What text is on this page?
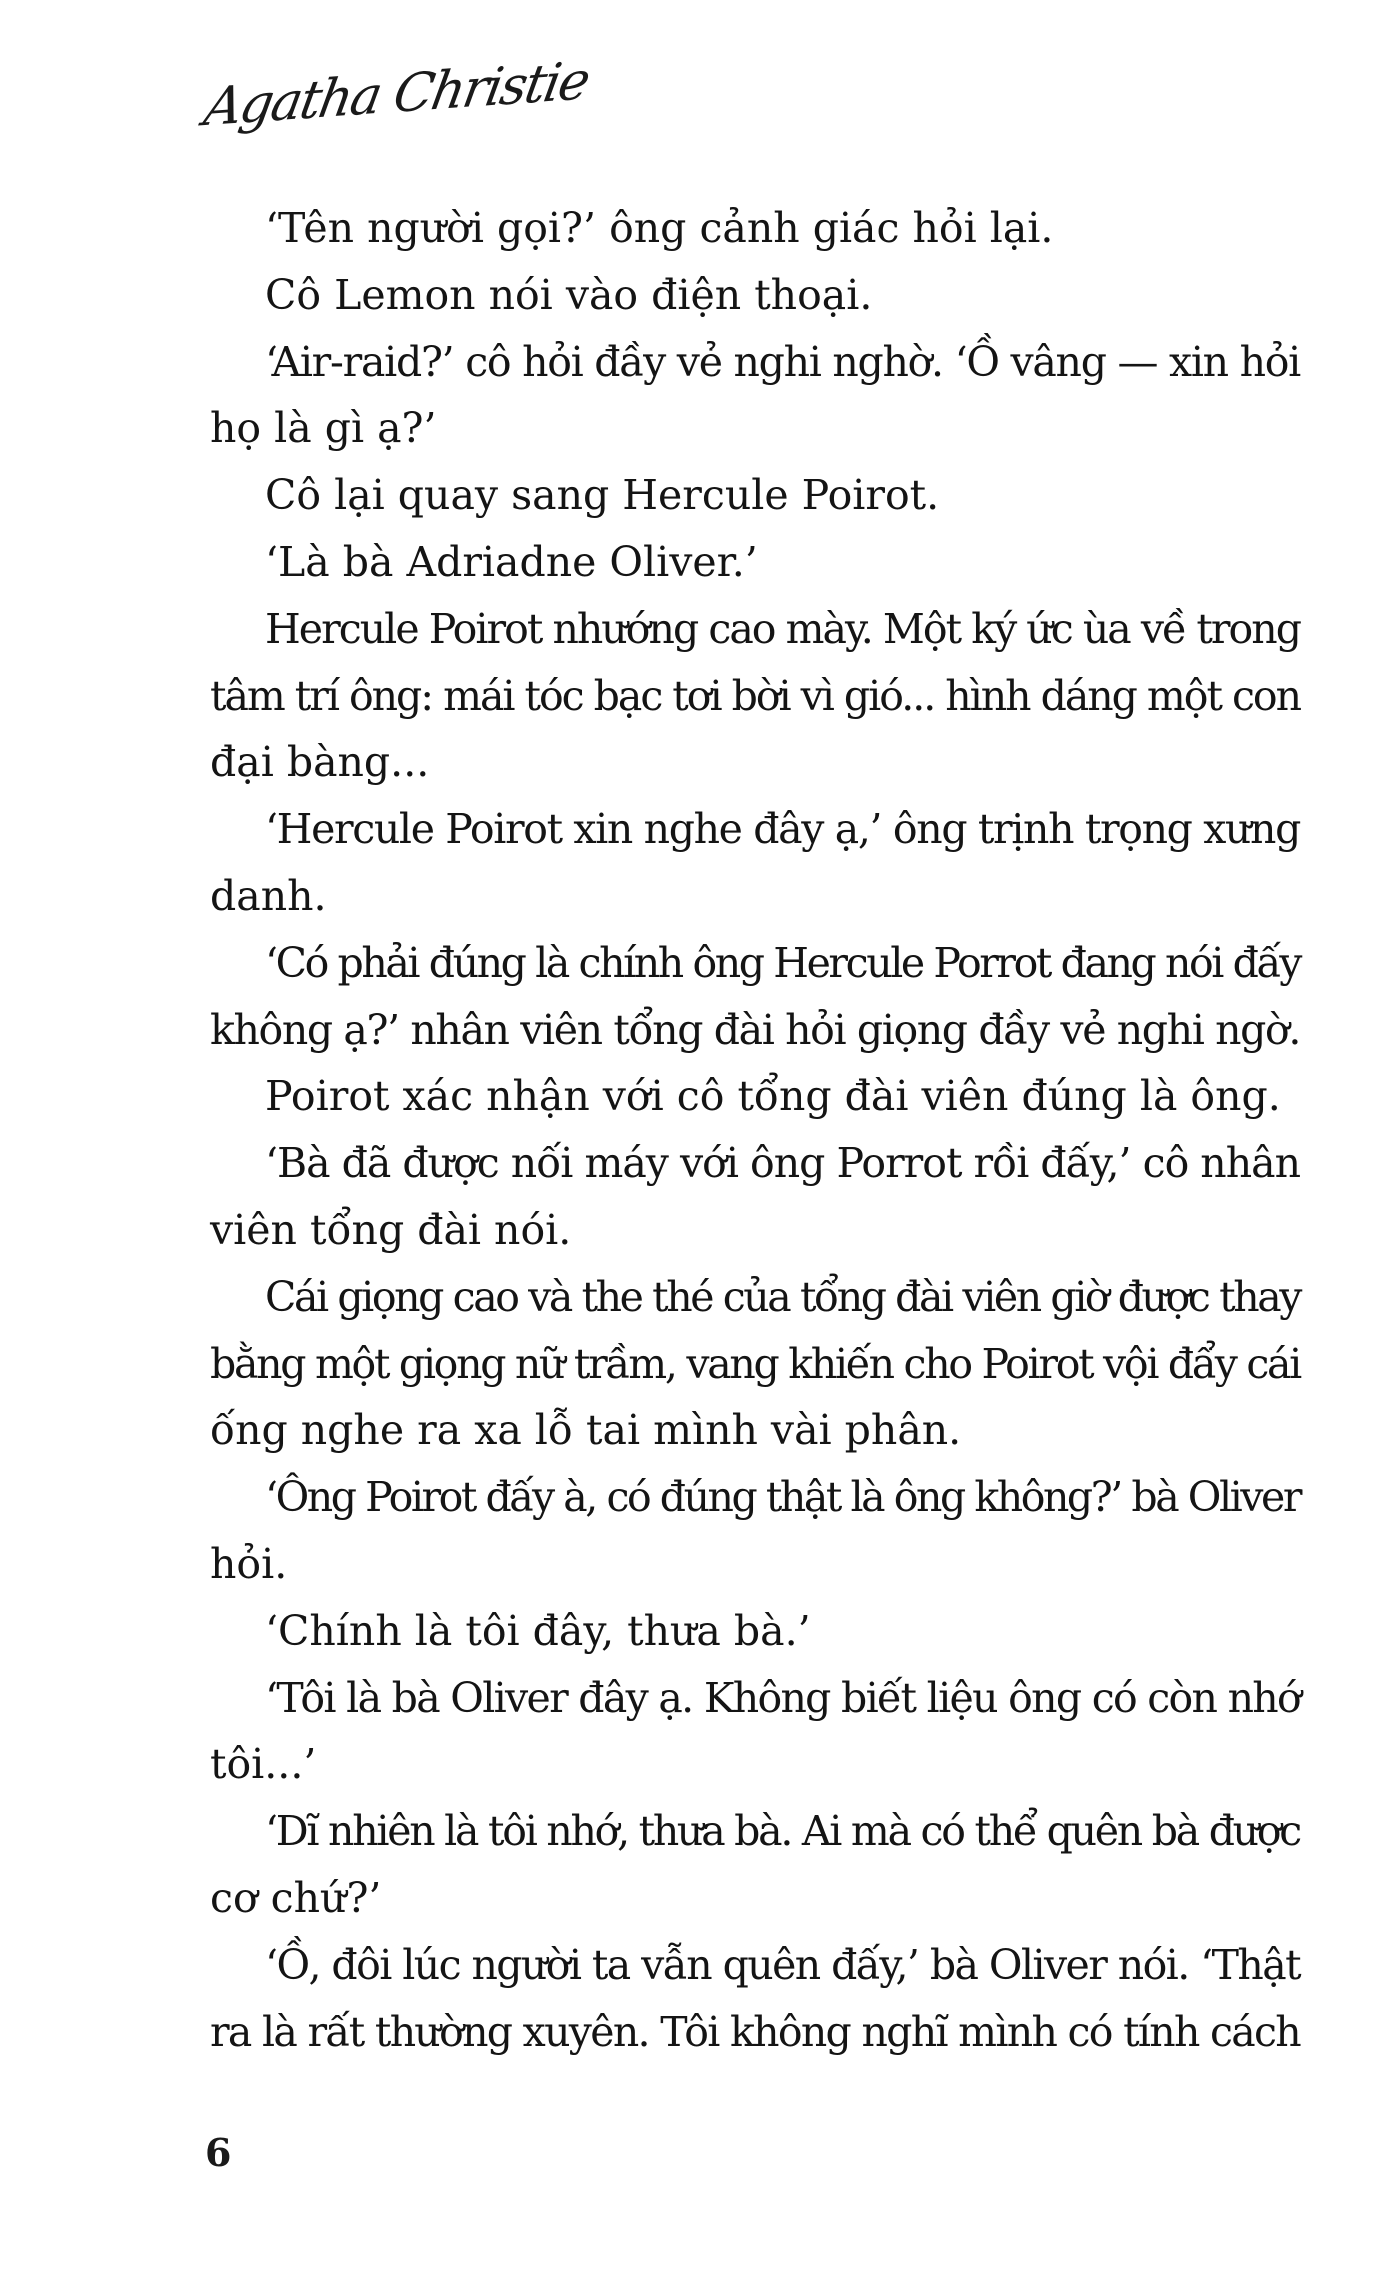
Agatha Christie
‘Tên người gọi?’ ông cảnh giác hỏi lại.
Cô Lemon nói vào điện thoại.
‘Air-raid?’ cô hỏi đầy vẻ nghi nghờ. ‘Ồ vâng — xin hỏi
họ là gì ạ?’
Cô lại quay sang Hercule Poirot.
‘Là bà Adriadne Oliver.’
Hercule Poirot nhướng cao mày. Một ký ức ùa về trong
tâm trí ông: mái tóc bạc tơi bời vì gió... hình dáng một con
đại bàng...
‘Hercule Poirot xin nghe đây ạ,’ ông trịnh trọng xưng
danh.
‘Có phải đúng là chính ông Hercule Porrot đang nói đấy
không ạ?’ nhân viên tổng đài hỏi giọng đầy vẻ nghi ngờ.
Poirot xác nhận với cô tổng đài viên đúng là ông.
‘Bà đã được nối máy với ông Porrot rồi đấy,’ cô nhân
viên tổng đài nói.
Cái giọng cao và the thé của tổng đài viên giờ được thay
bằng một giọng nữ trầm, vang khiến cho Poirot vội đẩy cái
ống nghe ra xa lỗ tai mình vài phân.
‘Ông Poirot đấy à, có đúng thật là ông không?’ bà Oliver
hỏi.
‘Chính là tôi đây, thưa bà.’
‘Tôi là bà Oliver đây ạ. Không biết liệu ông có còn nhớ
tôi...’
‘Dĩ nhiên là tôi nhớ, thưa bà. Ai mà có thể quên bà được
cơ chứ?’
‘Ồ, đôi lúc người ta vẫn quên đấy,’ bà Oliver nói. ‘Thật
ra là rất thường xuyên. Tôi không nghĩ mình có tính cách
6
